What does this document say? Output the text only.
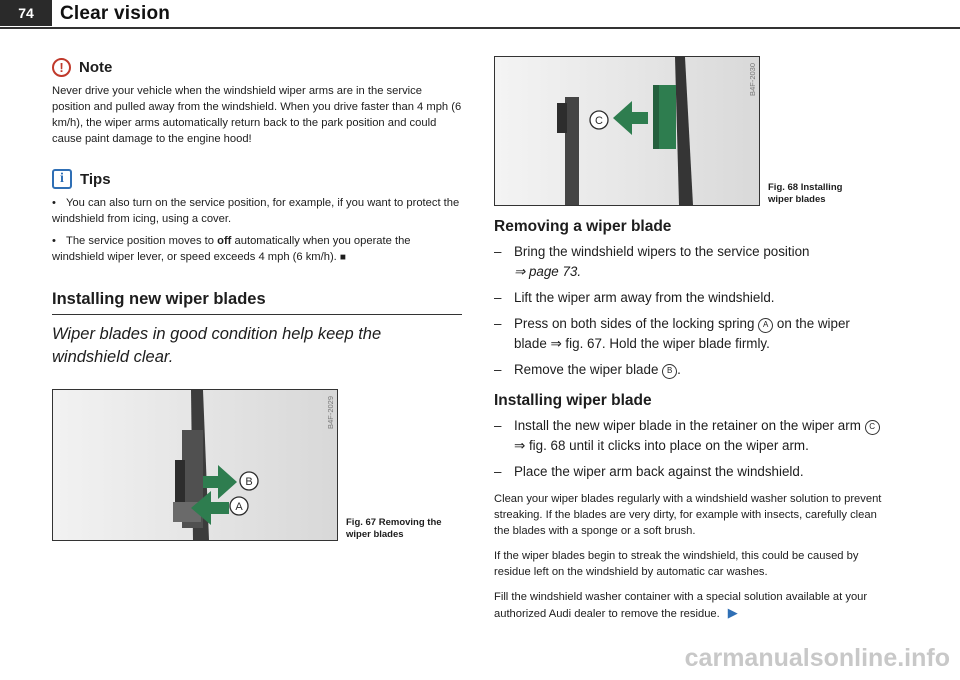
74	Clear vision
!	Note

Never drive your vehicle when the windshield wiper arms are in the service position and pulled away from the windshield. When you drive faster than 4 mph (6 km/h), the wiper arms automatically return back to the park position and could cause paint damage to the engine hood!

i	Tips

• You can also turn on the service position, for example, if you want to protect the windshield from icing, using a cover.

• The service position moves to off automatically when you operate the windshield wiper lever, or speed exceeds 4 mph (6 km/h). ■

Installing new wiper blades
Wiper blades in good condition help keep the windshield clear.
B
A
B4F-2029
Fig. 67 Removing the wiper blades
C
B4F-2030
Fig. 68 Installing wiper blades
Removing a wiper blade
– Bring the windshield wipers to the service position
⇒ page 73.
– Lift the wiper arm away from the windshield.
– Press on both sides of the locking spring A on the wiper blade ⇒ fig. 67. Hold the wiper blade firmly.
– Remove the wiper blade B .
Installing wiper blade
– Install the new wiper blade in the retainer on the wiper arm C ⇒ fig. 68 until it clicks into place on the wiper arm.
– Place the wiper arm back against the windshield.
Clean your wiper blades regularly with a windshield washer solution to prevent streaking. If the blades are very dirty, for example with insects, carefully clean the blades with a sponge or a soft brush.
If the wiper blades begin to streak the windshield, this could be caused by residue left on the windshield by automatic car washes.
Fill the windshield washer container with a special solution available at your authorized Audi dealer to remove the residue. ▶
carmanualsonline.info
